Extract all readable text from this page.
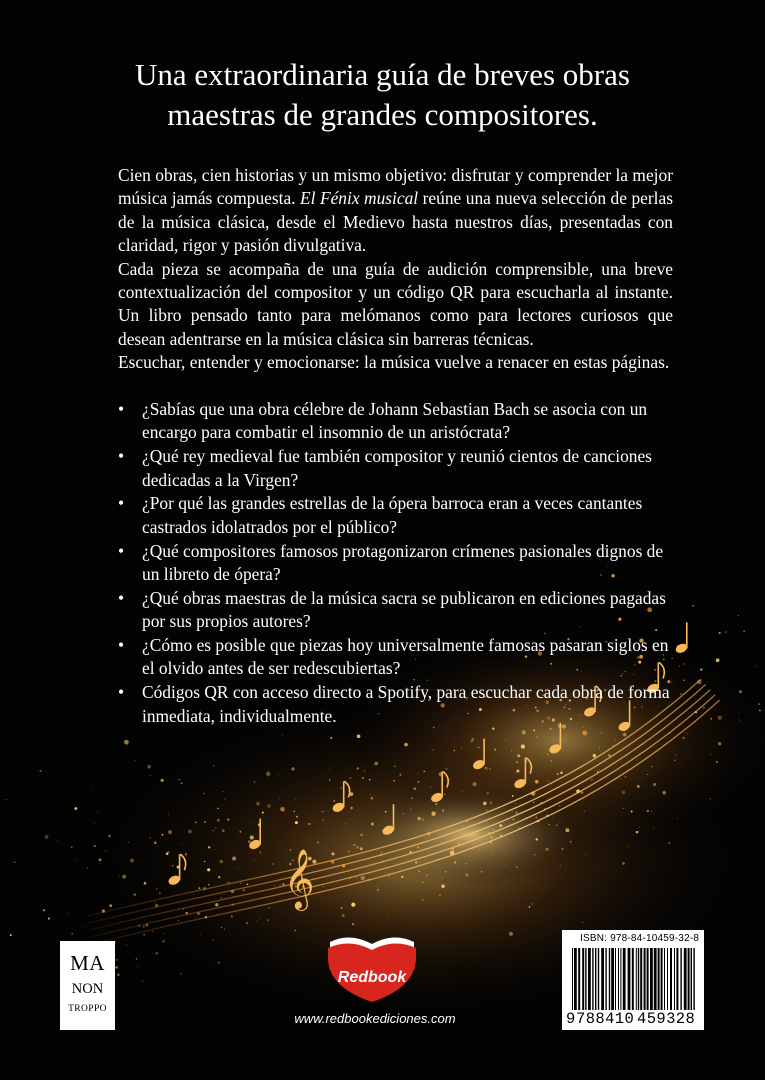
𝄞
Una extraordinaria guía de breves obras
maestras de grandes compositores.

Cien obras, cien historias y un mismo objetivo: disfrutar y comprender la mejor música jamás compuesta. El Fénix musical reúne una nueva selección de perlas de la música clásica, desde el Medievo hasta nuestros días, presentadas con claridad, rigor y pasión divulgativa.

Cada pieza se acompaña de una guía de audición comprensible, una breve contextualización del compositor y un código QR para escucharla al instante. Un libro pensado tanto para melómanos como para lectores curiosos que desean adentrarse en la música clásica sin barreras técnicas.

Escuchar, entender y emocionarse: la música vuelve a renacer en estas páginas.

• ¿Sabías que una obra célebre de Johann Sebastian Bach se asocia con un encargo para combatir el insomnio de un aristócrata?
• ¿Qué rey medieval fue también compositor y reunió cientos de canciones dedicadas a la Virgen?
• ¿Por qué las grandes estrellas de la ópera barroca eran a veces cantantes castrados idolatrados por el público?
• ¿Qué compositores famosos protagonizaron crímenes pasionales dignos de un libreto de ópera?
• ¿Qué obras maestras de la música sacra se publicaron en ediciones pagadas por sus propios autores?
• ¿Cómo es posible que piezas hoy universalmente famosas pasaran siglos en el olvido antes de ser redescubiertas?
• Códigos QR con acceso directo a Spotify, para escuchar cada obra de forma inmediata, individualmente.
MA
NON
TROPPO
Redbook
www.redbookediciones.com
ISBN: 978-84-10459-32-8
9 788410 459328
